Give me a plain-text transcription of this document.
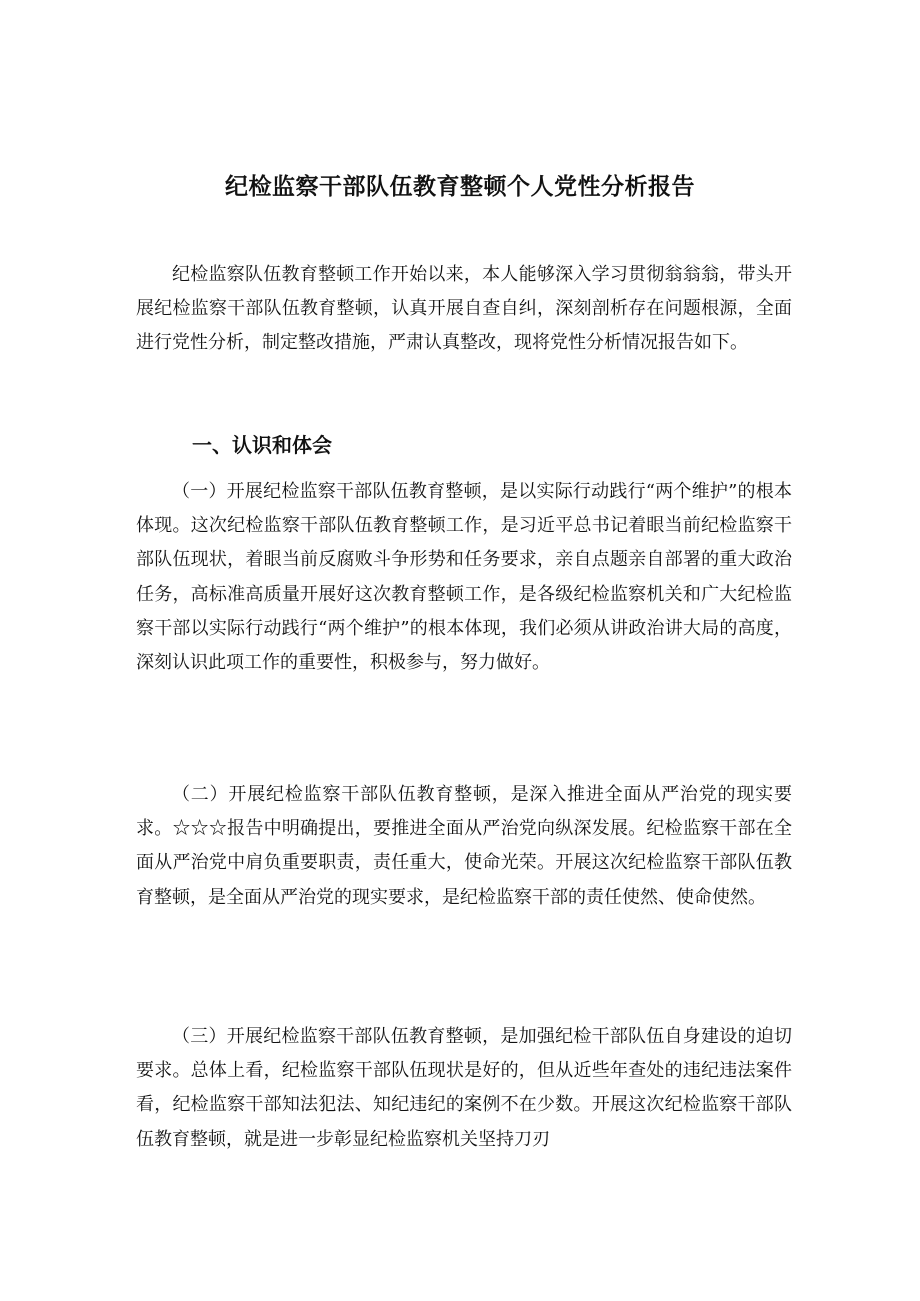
纪检监察干部队伍教育整顿个人党性分析报告

纪检监察队伍教育整顿工作开始以来，本人能够深入学习贯彻翁翁翁，带头开展纪检监察干部队伍教育整顿，认真开展自查自纠，深刻剖析存在问题根源，全面进行党性分析，制定整改措施，严肃认真整改，现将党性分析情况报告如下。

一、认识和体会

（一）开展纪检监察干部队伍教育整顿，是以实际行动践行“两个维护”的根本体现。这次纪检监察干部队伍教育整顿工作，是习近平总书记着眼当前纪检监察干部队伍现状，着眼当前反腐败斗争形势和任务要求，亲自点题亲自部署的重大政治任务，高标准高质量开展好这次教育整顿工作，是各级纪检监察机关和广大纪检监察干部以实际行动践行“两个维护”的根本体现，我们必须从讲政治讲大局的高度，深刻认识此项工作的重要性，积极参与，努力做好。

（二）开展纪检监察干部队伍教育整顿，是深入推进全面从严治党的现实要求。☆☆☆报告中明确提出，要推进全面从严治党向纵深发展。纪检监察干部在全面从严治党中肩负重要职责，责任重大，使命光荣。开展这次纪检监察干部队伍教育整顿，是全面从严治党的现实要求，是纪检监察干部的责任使然、使命使然。

（三）开展纪检监察干部队伍教育整顿，是加强纪检干部队伍自身建设的迫切要求。总体上看，纪检监察干部队伍现状是好的，但从近些年查处的违纪违法案件看，纪检监察干部知法犯法、知纪违纪的案例不在少数。开展这次纪检监察干部队伍教育整顿，就是进一步彰显纪检监察机关坚持刀刃
